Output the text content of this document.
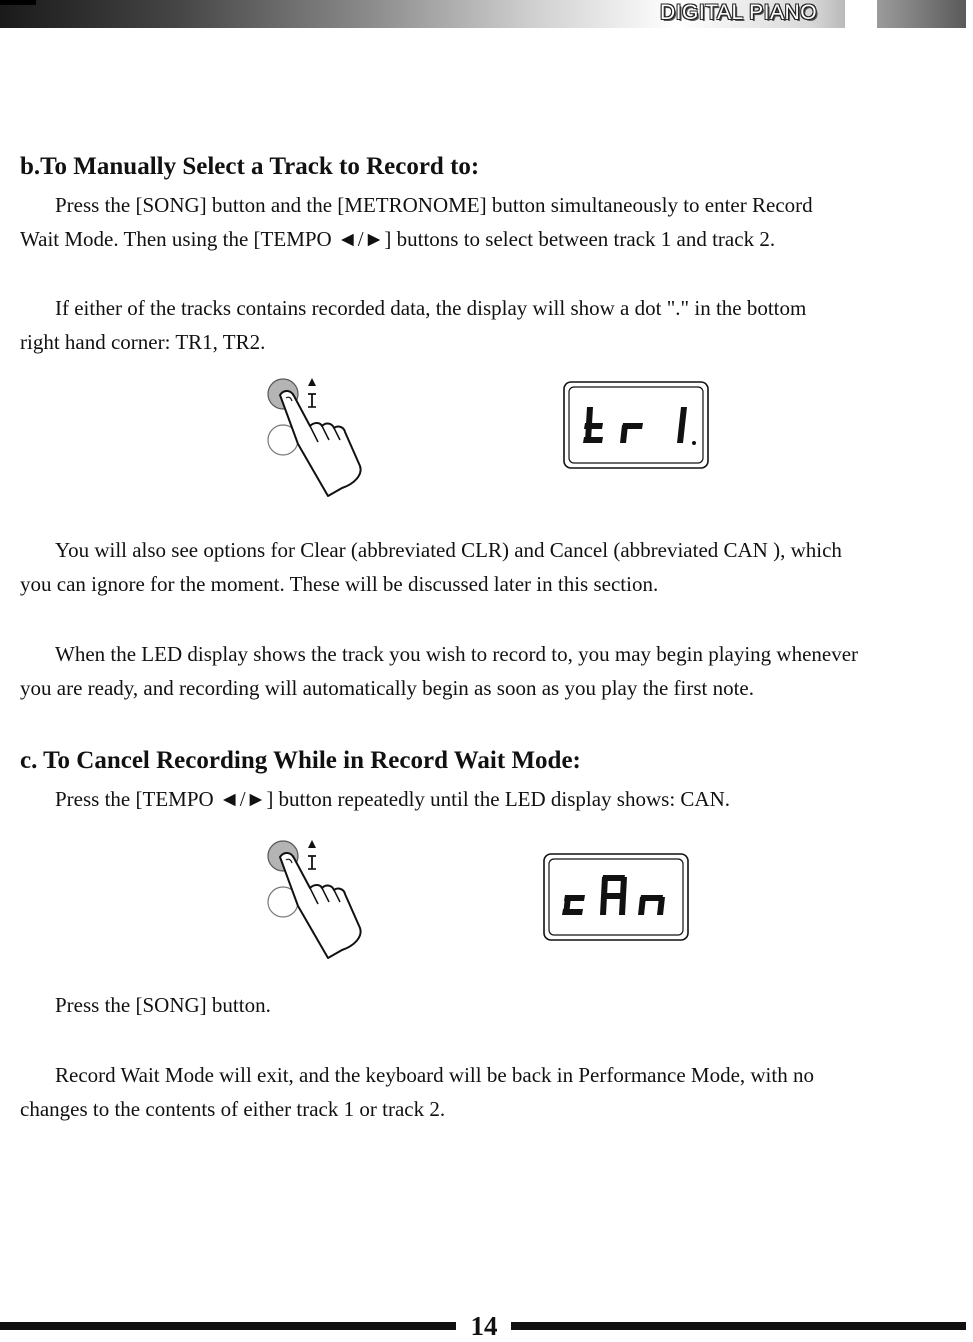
DIGITAL PIANO
b.To Manually Select a Track to Record to:
Press the [SONG] button and the [METRONOME] button simultaneously to enter Record
Wait Mode. Then using the [TEMPO ◄/►] buttons to select between track 1 and track 2.
If either of the tracks contains recorded data, the display will show a dot "." in the bottom
right hand corner: TR1, TR2.
You will also see options for Clear (abbreviated CLR) and Cancel (abbreviated CAN ), which
you can ignore for the moment. These will be discussed later in this section.
When the LED display shows the track you wish to record to, you may begin playing whenever
you are ready, and recording will automatically begin as soon as you play the first note.
c. To Cancel Recording While in Record Wait Mode:
Press the [TEMPO ◄/►] button repeatedly until the LED display shows: CAN.
Press the [SONG] button.
Record Wait Mode will exit, and the keyboard will be back in Performance Mode, with no
changes to the contents of either track 1 or track 2.
14
